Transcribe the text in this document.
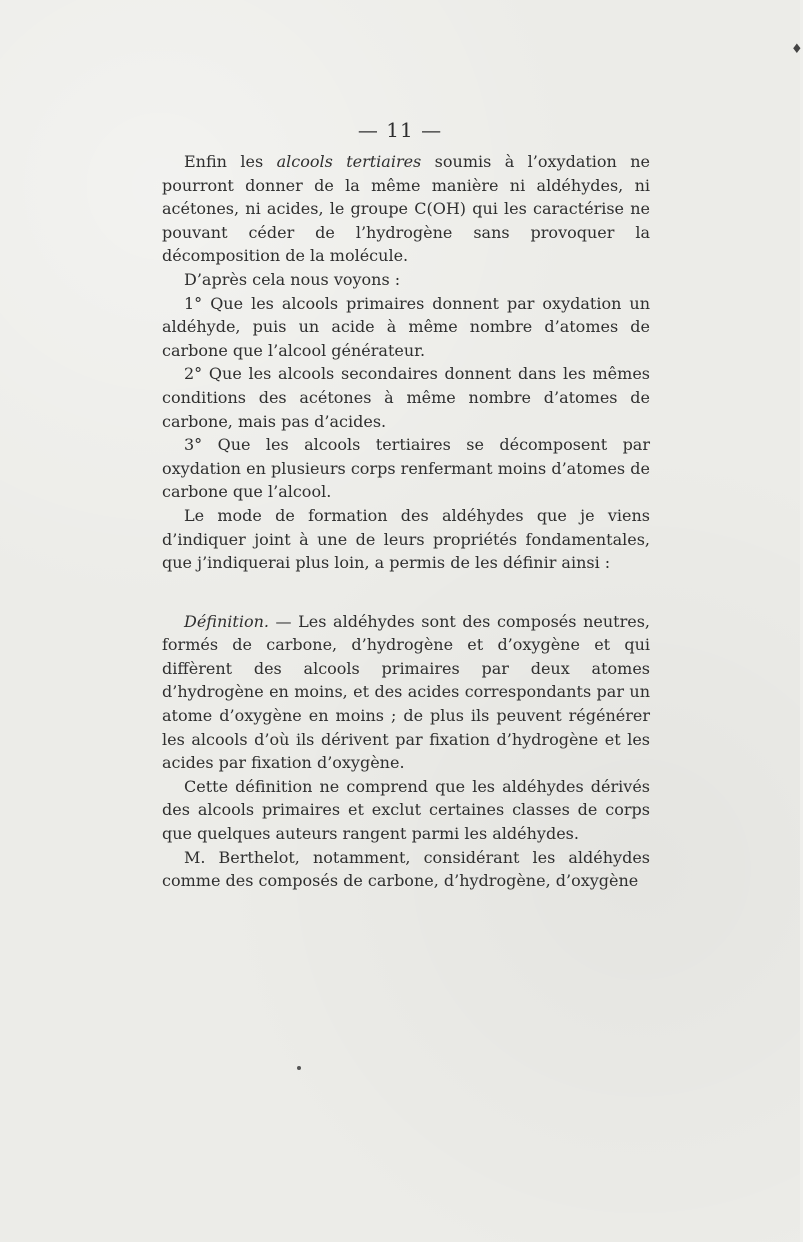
♦
— 11 —

Enfin les alcools tertiaires soumis à l’oxydation ne pourront donner de la même manière ni aldéhydes, ni acétones, ni acides, le groupe C(OH) qui les caractérise ne pouvant céder de l’hydrogène sans provoquer la décomposition de la molécule.

D’après cela nous voyons :

1° Que les alcools primaires donnent par oxydation un aldéhyde, puis un acide à même nombre d’atomes de carbone que l’alcool générateur.

2° Que les alcools secondaires donnent dans les mêmes conditions des acétones à même nombre d’atomes de carbone, mais pas d’acides.

3° Que les alcools tertiaires se décomposent par oxydation en plusieurs corps renfermant moins d’atomes de carbone que l’alcool.

Le mode de formation des aldéhydes que je viens d’indiquer joint à une de leurs propriétés fondamentales, que j’indiquerai plus loin, a permis de les définir ainsi :

Définition. — Les aldéhydes sont des composés neutres, formés de carbone, d’hydrogène et d’oxygène et qui diffèrent des alcools primaires par deux atomes d’hydrogène en moins, et des acides correspondants par un atome d’oxygène en moins ; de plus ils peuvent régénérer les alcools d’où ils dérivent par fixation d’hydrogène et les acides par fixation d’oxygène.

Cette définition ne comprend que les aldéhydes dérivés des alcools primaires et exclut certaines classes de corps que quelques auteurs rangent parmi les aldéhydes.

M. Berthelot, notamment, considérant les aldéhydes comme des composés de carbone, d’hydrogène, d’oxygène
